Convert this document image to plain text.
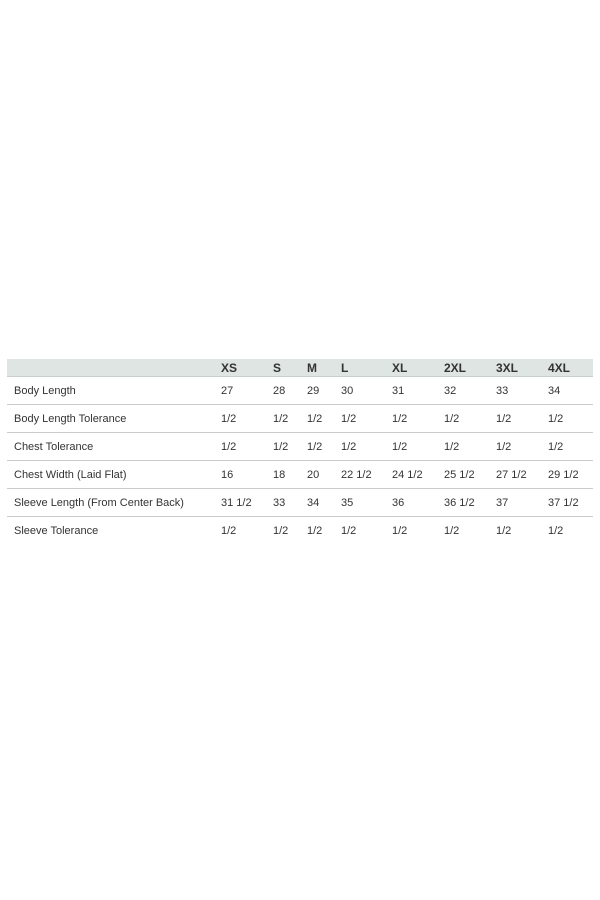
	XS	S	M	L	XL	2XL	3XL	4XL
Body Length	27	28	29	30	31	32	33	34
Body Length Tolerance	1/2	1/2	1/2	1/2	1/2	1/2	1/2	1/2
Chest Tolerance	1/2	1/2	1/2	1/2	1/2	1/2	1/2	1/2
Chest Width (Laid Flat)	16	18	20	22 1/2	24 1/2	25 1/2	27 1/2	29 1/2
Sleeve Length (From Center Back)	31 1/2	33	34	35	36	36 1/2	37	37 1/2
Sleeve Tolerance	1/2	1/2	1/2	1/2	1/2	1/2	1/2	1/2
